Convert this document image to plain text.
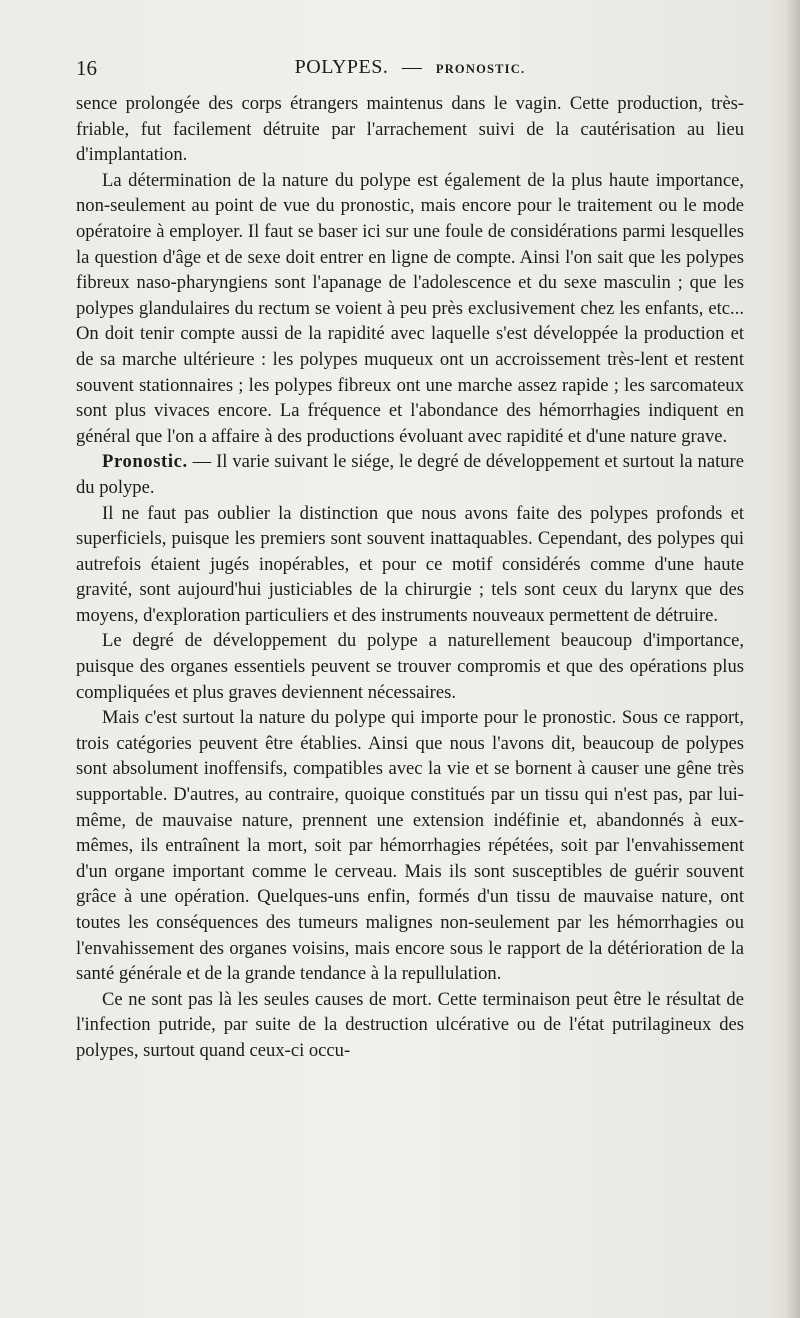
16	POLYPES. — PRONOSTIC.

sence prolongée des corps étrangers maintenus dans le vagin. Cette production, très-friable, fut facilement détruite par l'arrachement suivi de la cautérisation au lieu d'implantation.

La détermination de la nature du polype est également de la plus haute importance, non-seulement au point de vue du pronostic, mais encore pour le traitement ou le mode opératoire à employer. Il faut se baser ici sur une foule de considérations parmi lesquelles la question d'âge et de sexe doit entrer en ligne de compte. Ainsi l'on sait que les polypes fibreux naso-pharyngiens sont l'apanage de l'adolescence et du sexe masculin ; que les polypes glandulaires du rectum se voient à peu près exclusivement chez les enfants, etc... On doit tenir compte aussi de la rapidité avec laquelle s'est développée la production et de sa marche ultérieure : les polypes muqueux ont un accroissement très-lent et restent souvent stationnaires ; les polypes fibreux ont une marche assez rapide ; les sarcomateux sont plus vivaces encore. La fréquence et l'abondance des hémorrhagies indiquent en général que l'on a affaire à des productions évoluant avec rapidité et d'une nature grave.

Pronostic. — Il varie suivant le siége, le degré de développement et surtout la nature du polype.

Il ne faut pas oublier la distinction que nous avons faite des polypes profonds et superficiels, puisque les premiers sont souvent inattaquables. Cependant, des polypes qui autrefois étaient jugés inopérables, et pour ce motif considérés comme d'une haute gravité, sont aujourd'hui justiciables de la chirurgie ; tels sont ceux du larynx que des moyens, d'exploration particuliers et des instruments nouveaux permettent de détruire.

Le degré de développement du polype a naturellement beaucoup d'importance, puisque des organes essentiels peuvent se trouver compromis et que des opérations plus compliquées et plus graves deviennent nécessaires.

Mais c'est surtout la nature du polype qui importe pour le pronostic. Sous ce rapport, trois catégories peuvent être établies. Ainsi que nous l'avons dit, beaucoup de polypes sont absolument inoffensifs, compatibles avec la vie et se bornent à causer une gêne très supportable. D'autres, au contraire, quoique constitués par un tissu qui n'est pas, par lui-même, de mauvaise nature, prennent une extension indéfinie et, abandonnés à eux-mêmes, ils entraînent la mort, soit par hémorrhagies répétées, soit par l'envahissement d'un organe important comme le cerveau. Mais ils sont susceptibles de guérir souvent grâce à une opération. Quelques-uns enfin, formés d'un tissu de mauvaise nature, ont toutes les conséquences des tumeurs malignes non-seulement par les hémorrhagies ou l'envahissement des organes voisins, mais encore sous le rapport de la détérioration de la santé générale et de la grande tendance à la repullulation.

Ce ne sont pas là les seules causes de mort. Cette terminaison peut être le résultat de l'infection putride, par suite de la destruction ulcérative ou de l'état putrilagineux des polypes, surtout quand ceux-ci occu-
